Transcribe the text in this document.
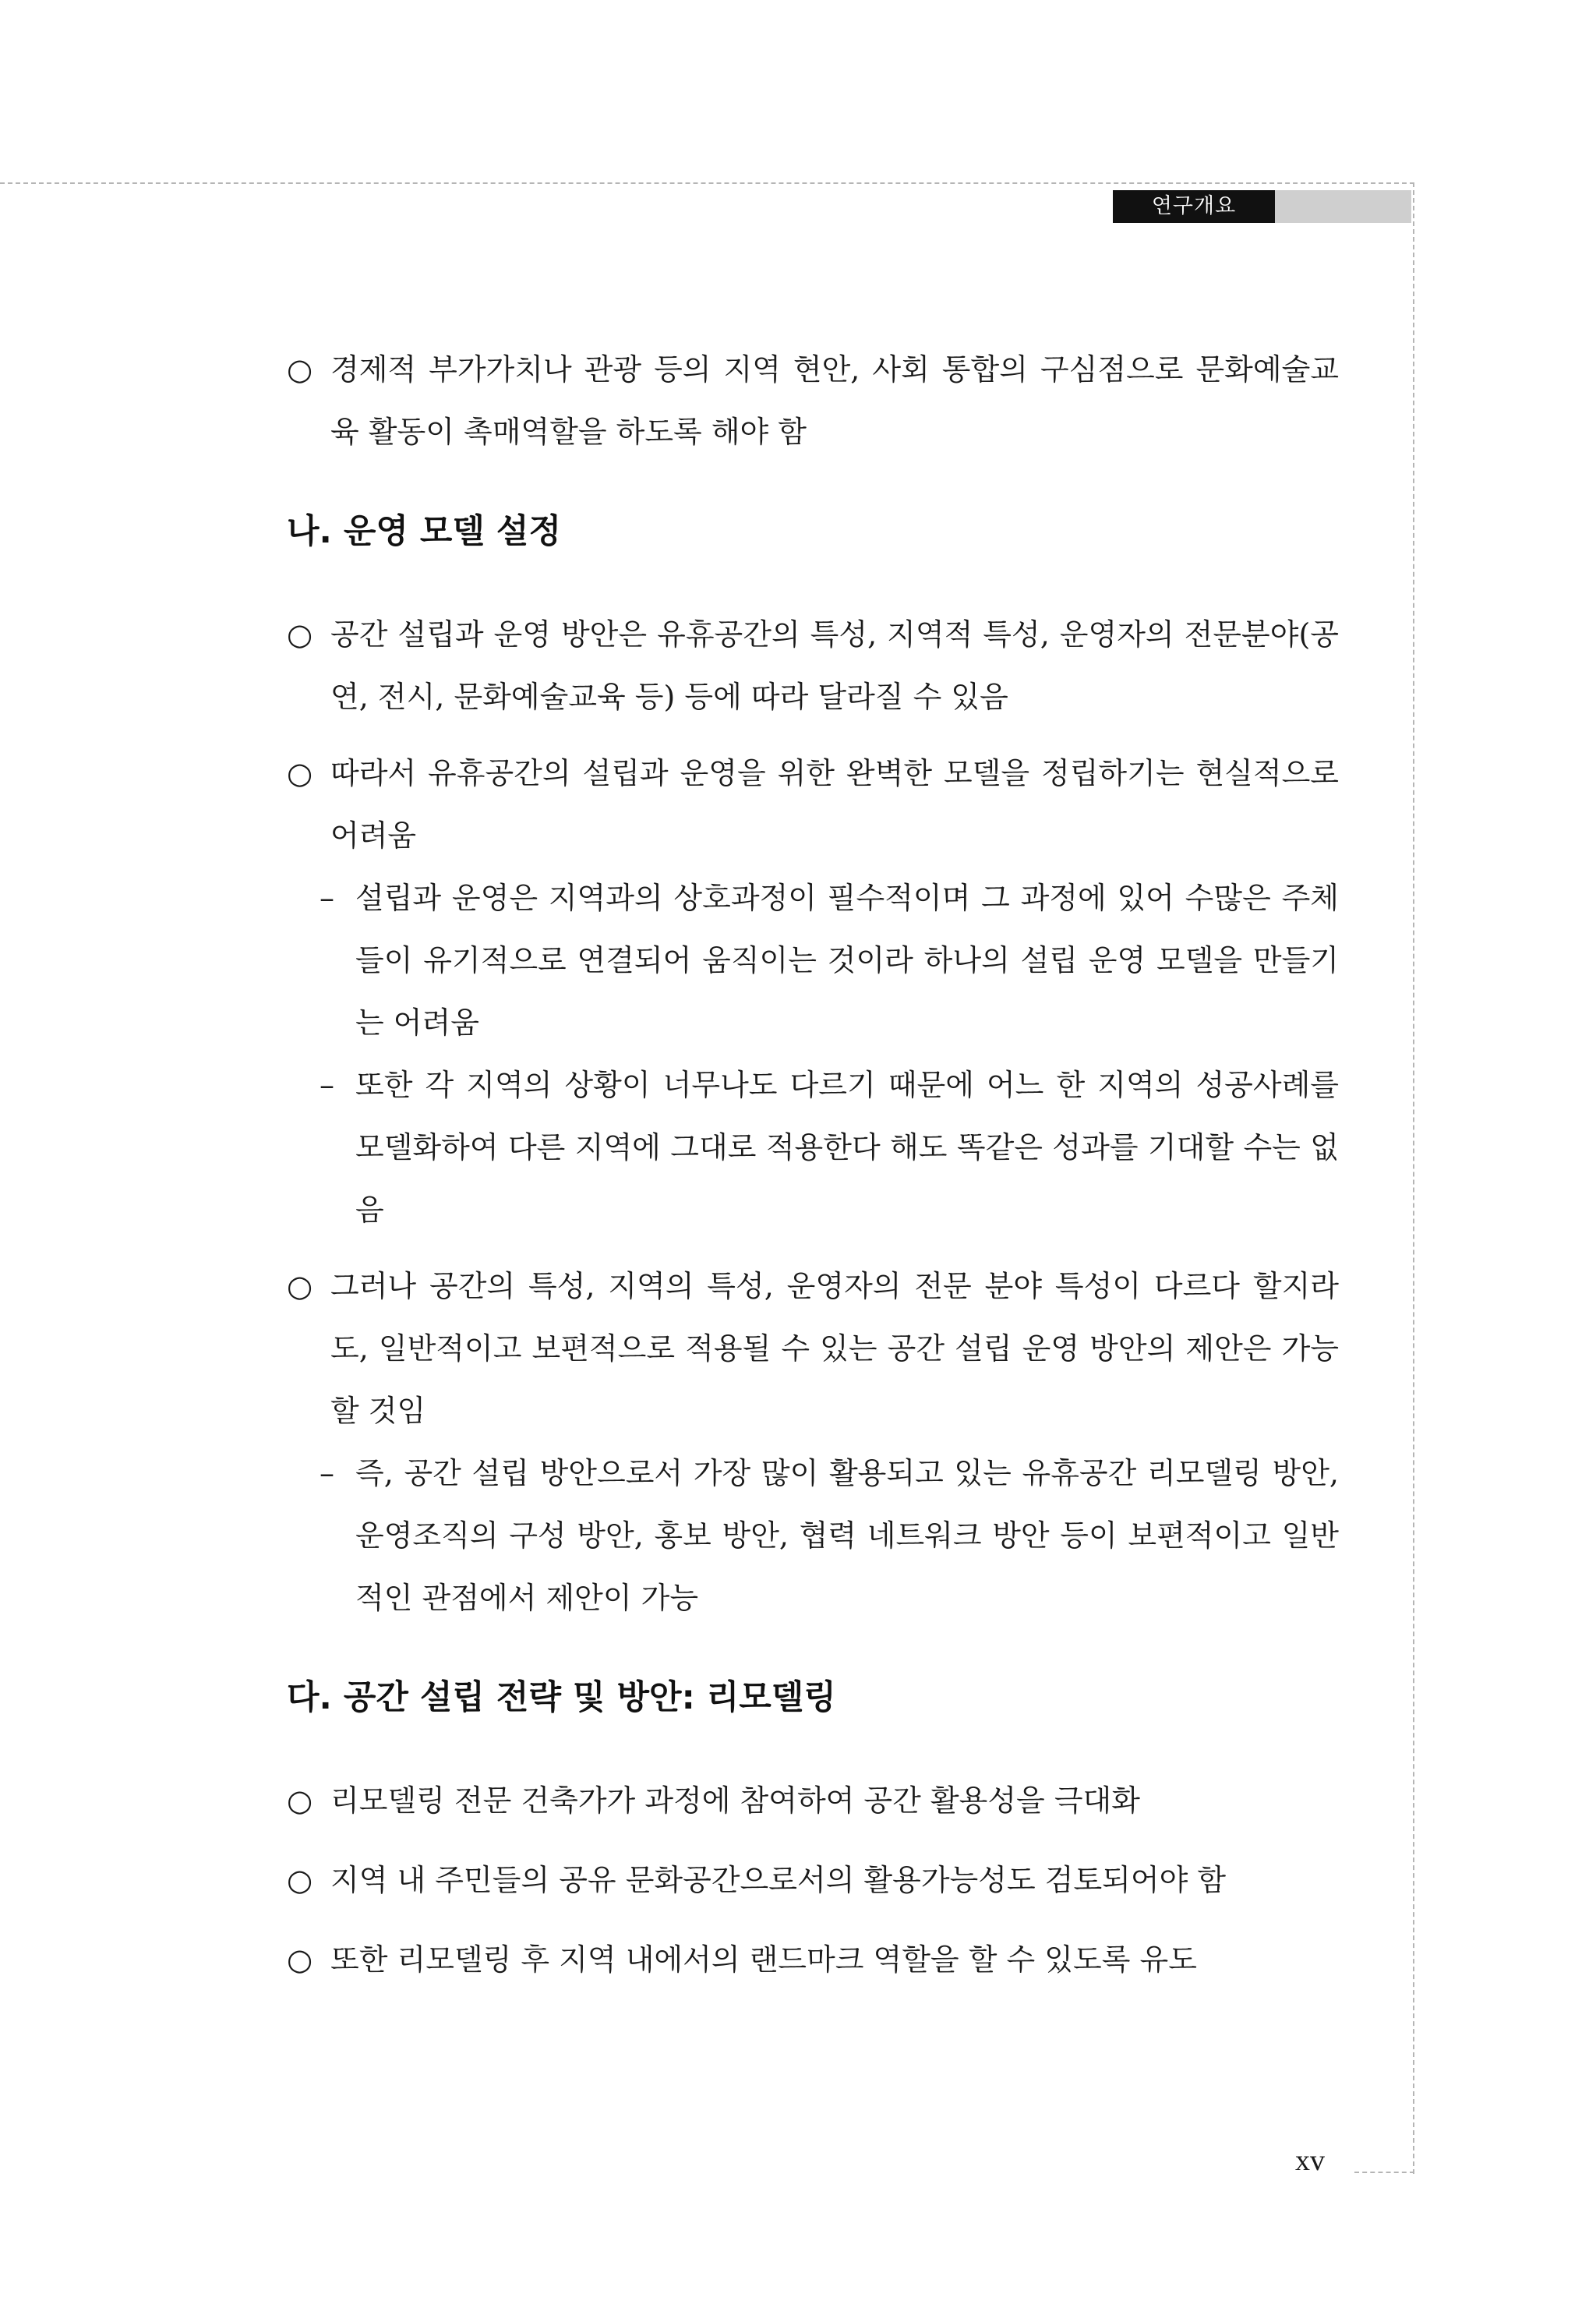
연구개요

○ 경제적 부가가치나 관광 등의 지역 현안, 사회 통합의 구심점으로 문화예술교육 활동이 촉매역할을 하도록 해야 함

나. 운영 모델 설정

○ 공간 설립과 운영 방안은 유휴공간의 특성, 지역적 특성, 운영자의 전문분야(공연, 전시, 문화예술교육 등) 등에 따라 달라질 수 있음

○ 따라서 유휴공간의 설립과 운영을 위한 완벽한 모델을 정립하기는 현실적으로 어려움

– 설립과 운영은 지역과의 상호과정이 필수적이며 그 과정에 있어 수많은 주체들이 유기적으로 연결되어 움직이는 것이라 하나의 설립 운영 모델을 만들기는 어려움

– 또한 각 지역의 상황이 너무나도 다르기 때문에 어느 한 지역의 성공사례를 모델화하여 다른 지역에 그대로 적용한다 해도 똑같은 성과를 기대할 수는 없음

○ 그러나 공간의 특성, 지역의 특성, 운영자의 전문 분야 특성이 다르다 할지라도, 일반적이고 보편적으로 적용될 수 있는 공간 설립 운영 방안의 제안은 가능할 것임

– 즉, 공간 설립 방안으로서 가장 많이 활용되고 있는 유휴공간 리모델링 방안, 운영조직의 구성 방안, 홍보 방안, 협력 네트워크 방안 등이 보편적이고 일반적인 관점에서 제안이 가능

다. 공간 설립 전략 및 방안: 리모델링

○ 리모델링 전문 건축가가 과정에 참여하여 공간 활용성을 극대화

○ 지역 내 주민들의 공유 문화공간으로서의 활용가능성도 검토되어야 함

○ 또한 리모델링 후 지역 내에서의 랜드마크 역할을 할 수 있도록 유도

xv
